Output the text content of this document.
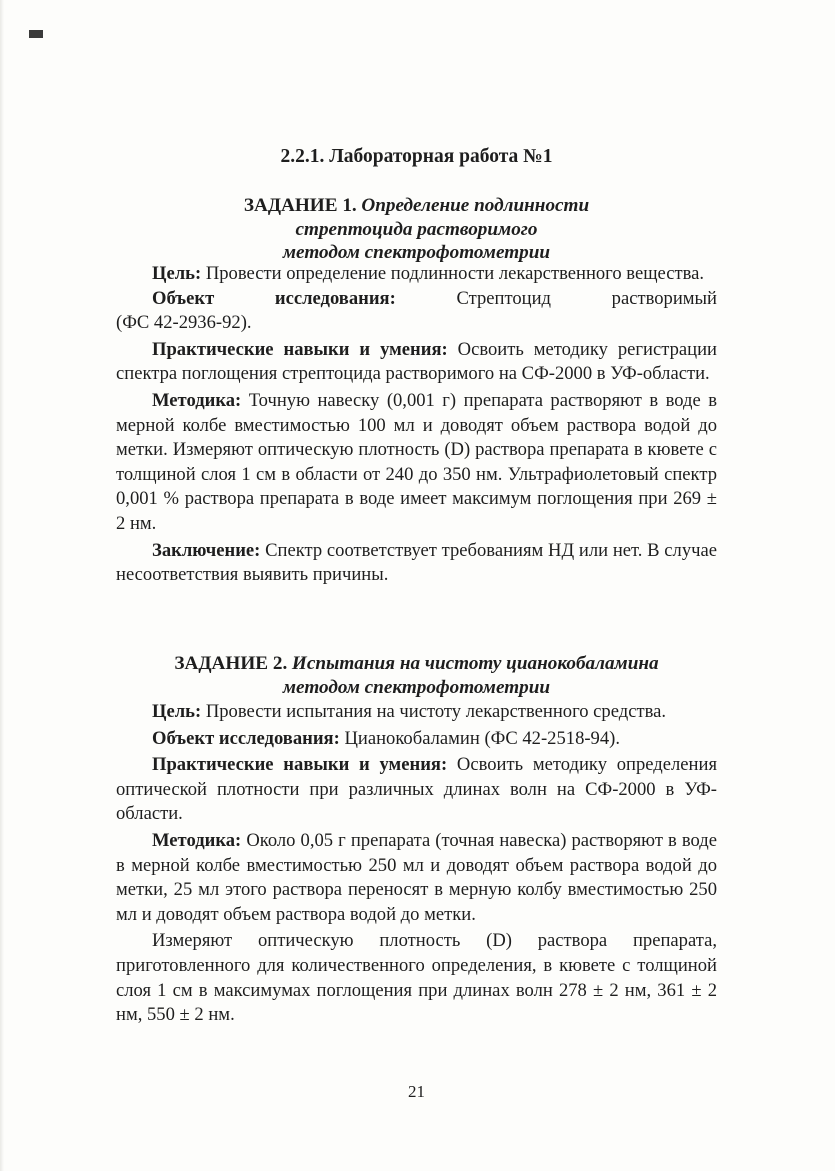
2.2.1. Лабораторная работа №1
ЗАДАНИЕ 1. Определение подлинности
стрептоцида растворимого
методом спектрофотометрии

Цель: Провести определение подлинности лекарственного вещества.

Объект	исследования:	Стрептоцид	растворимый

(ФС 42-2936-92).

Практические навыки и умения: Освоить методику регистрации спектра поглощения стрептоцида растворимого на СФ-2000 в УФ-области.

Методика: Точную навеску (0,001 г) препарата растворяют в воде в мерной колбе вместимостью 100 мл и доводят объем раствора водой до метки. Измеряют оптическую плотность (D) раствора препарата в кювете с толщиной слоя 1 см в области от 240 до 350 нм. Ультрафиолетовый спектр 0,001 % раствора препарата в воде имеет максимум поглощения при 269 ± 2 нм.

Заключение: Спектр соответствует требованиям НД или нет. В случае несоответствия выявить причины.

ЗАДАНИЕ 2. Испытания на чистоту цианокобаламина
методом спектрофотометрии

Цель: Провести испытания на чистоту лекарственного средства.

Объект исследования: Цианокобаламин (ФС 42-2518-94).

Практические навыки и умения: Освоить методику определения оптической плотности при различных длинах волн на СФ-2000 в УФ-области.

Методика: Около 0,05 г препарата (точная навеска) растворяют в воде в мерной колбе вместимостью 250 мл и доводят объем раствора водой до метки, 25 мл этого раствора переносят в мерную колбу вместимостью 250 мл и доводят объем раствора водой до метки.

Измеряют оптическую плотность (D) раствора препарата, приготовленного для количественного определения, в кювете с толщиной слоя 1 см в максимумах поглощения при длинах волн 278 ± 2 нм, 361 ± 2 нм, 550 ± 2 нм.

21
